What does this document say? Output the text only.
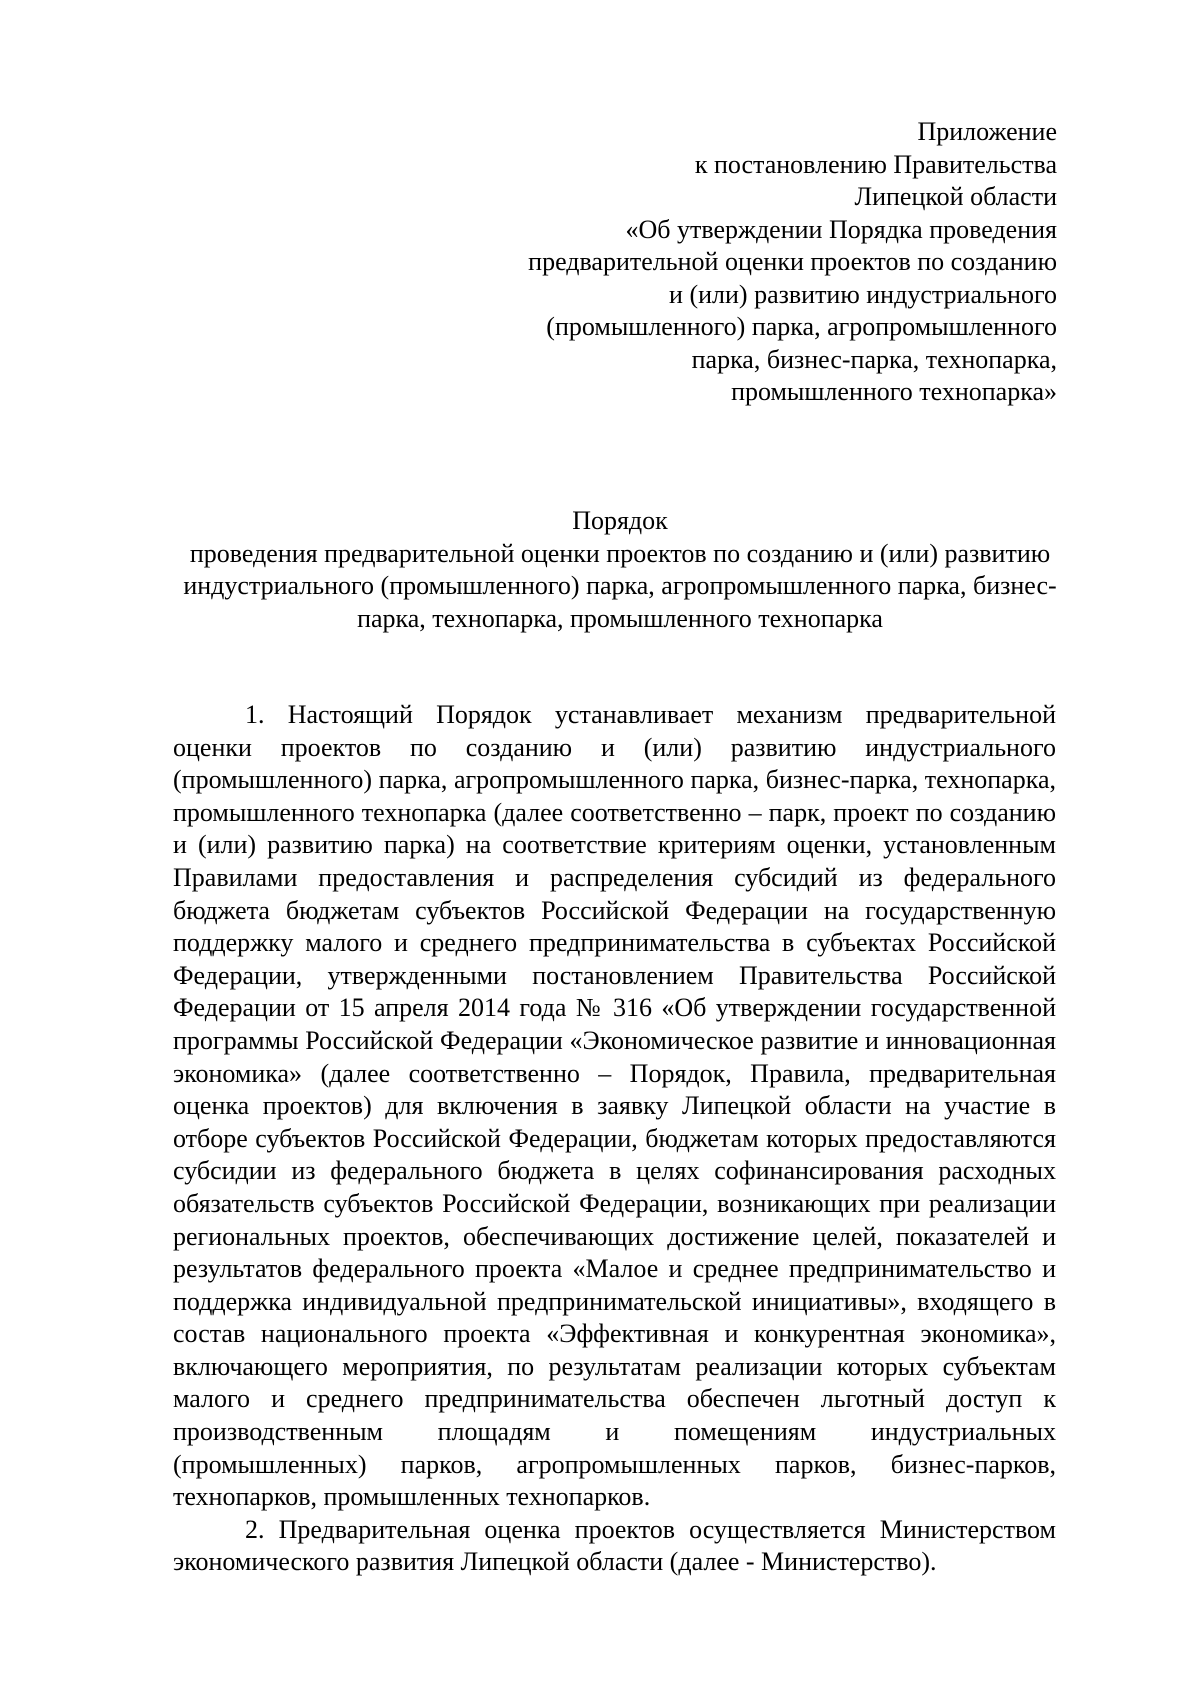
Приложение
к постановлению Правительства
Липецкой области
«Об утверждении Порядка проведения
предварительной оценки проектов по созданию
и (или) развитию индустриального
(промышленного) парка, агропромышленного
парка, бизнес-парка, технопарка,
промышленного технопарка»
Порядок
проведения предварительной оценки проектов по созданию и (или) развитию
индустриального (промышленного) парка, агропромышленного парка, бизнес-
парка, технопарка, промышленного технопарка

1. Настоящий Порядок устанавливает механизм предварительной оценки проектов по созданию и (или) развитию индустриального (промышленного) парка, агропромышленного парка, бизнес-парка, технопарка, промышленного технопарка (далее соответственно – парк, проект по созданию и (или) развитию парка) на соответствие критериям оценки, установленным Правилами предоставления и распределения субсидий из федерального бюджета бюджетам субъектов Российской Федерации на государственную поддержку малого и среднего предпринимательства в субъектах Российской Федерации, утвержденными постановлением Правительства Российской Федерации от 15 апреля 2014 года № 316 «Об утверждении государственной программы Российской Федерации «Экономическое развитие и инновационная экономика» (далее соответственно – Порядок, Правила, предварительная оценка проектов) для включения в заявку Липецкой области на участие в отборе субъектов Российской Федерации, бюджетам которых предоставляются субсидии из федерального бюджета в целях софинансирования расходных обязательств субъектов Российской Федерации, возникающих при реализации региональных проектов, обеспечивающих достижение целей, показателей и результатов федерального проекта «Малое и среднее предпринимательство и поддержка индивидуальной предпринимательской инициативы», входящего в состав национального проекта «Эффективная и конкурентная экономика», включающего мероприятия, по результатам реализации которых субъектам малого и среднего предпринимательства обеспечен льготный доступ к производственным площадям и помещениям индустриальных (промышленных) парков, агропромышленных парков, бизнес-парков, технопарков, промышленных технопарков.

2. Предварительная оценка проектов осуществляется Министерством экономического развития Липецкой области (далее - Министерство).
